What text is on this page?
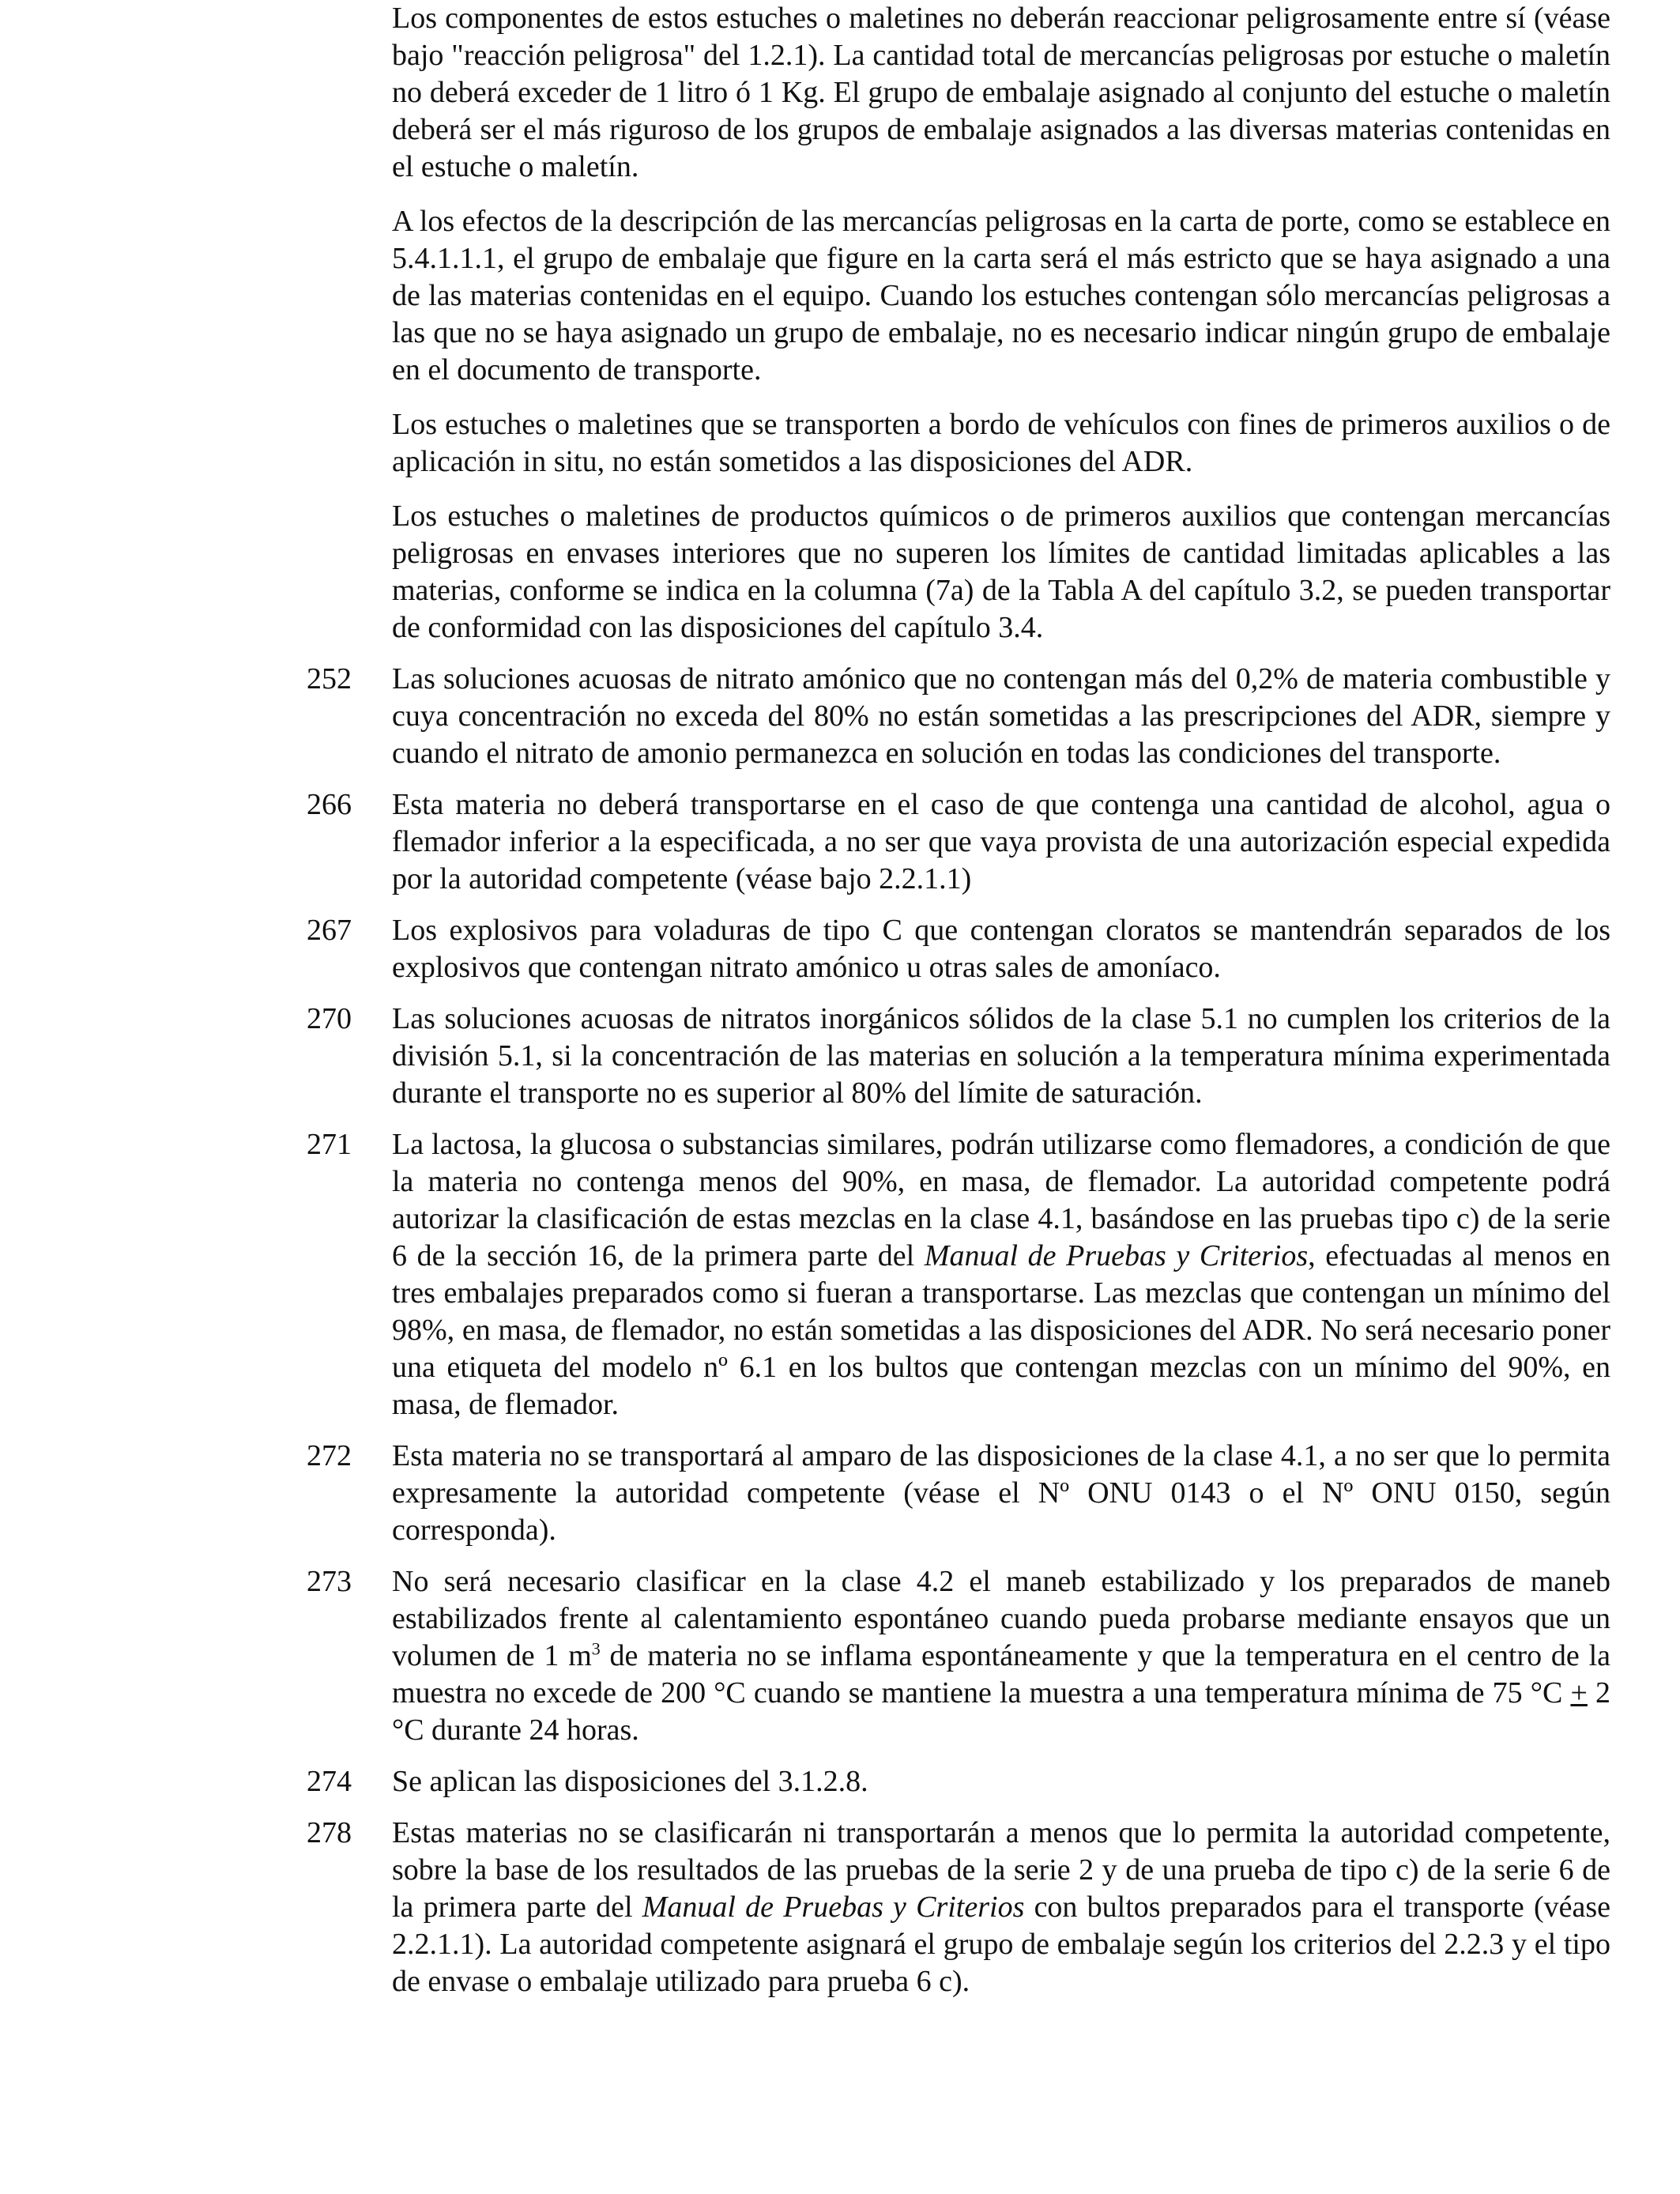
Los componentes de estos estuches o maletines no deberán reaccionar peligrosamente entre sí (véase bajo "reacción peligrosa" del 1.2.1). La cantidad total de mercancías peligrosas por estuche o maletín no deberá exceder de 1 litro ó 1 Kg. El grupo de embalaje asignado al conjunto del estuche o maletín deberá ser el más riguroso de los grupos de embalaje asignados a las diversas materias contenidas en el estuche o maletín.

A los efectos de la descripción de las mercancías peligrosas en la carta de porte, como se establece en 5.4.1.1.1, el grupo de embalaje que figure en la carta será el más estricto que se haya asignado a una de las materias contenidas en el equipo. Cuando los estuches contengan sólo mercancías peligrosas a las que no se haya asignado un grupo de embalaje, no es necesario indicar ningún grupo de embalaje en el documento de transporte.

Los estuches o maletines que se transporten a bordo de vehículos con fines de primeros auxilios o de aplicación in situ, no están sometidos a las disposiciones del ADR.

Los estuches o maletines de productos químicos o de primeros auxilios que contengan mercancías peligrosas en envases interiores que no superen los límites de cantidad limitadas aplicables a las materias, conforme se indica en la columna (7a) de la Tabla A del capítulo 3.2, se pueden transportar de conformidad con las disposiciones del capítulo 3.4.

252	Las soluciones acuosas de nitrato amónico que no contengan más del 0,2% de materia combustible y cuya concentración no exceda del 80% no están sometidas a las prescripciones del ADR, siempre y cuando el nitrato de amonio permanezca en solución en todas las condiciones del transporte.
266	Esta materia no deberá transportarse en el caso de que contenga una cantidad de alcohol, agua o flemador inferior a la especificada, a no ser que vaya provista de una autorización especial expedida por la autoridad competente (véase bajo 2.2.1.1)
267	Los explosivos para voladuras de tipo C que contengan cloratos se mantendrán separados de los explosivos que contengan nitrato amónico u otras sales de amoníaco.
270	Las soluciones acuosas de nitratos inorgánicos sólidos de la clase 5.1 no cumplen los criterios de la división 5.1, si la concentración de las materias en solución a la temperatura mínima experimentada durante el transporte no es superior al 80% del límite de saturación.
271	La lactosa, la glucosa o substancias similares, podrán utilizarse como flemadores, a condición de que la materia no contenga menos del 90%, en masa, de flemador. La autoridad competente podrá autorizar la clasificación de estas mezclas en la clase 4.1, basándose en las pruebas tipo c) de la serie 6 de la sección 16, de la primera parte del Manual de Pruebas y Criterios, efectuadas al menos en tres embalajes preparados como si fueran a transportarse. Las mezclas que contengan un mínimo del 98%, en masa, de flemador, no están sometidas a las disposiciones del ADR. No será necesario poner una etiqueta del modelo nº 6.1 en los bultos que contengan mezclas con un mínimo del 90%, en masa, de flemador.
272	Esta materia no se transportará al amparo de las disposiciones de la clase 4.1, a no ser que lo permita expresamente la autoridad competente (véase el Nº ONU 0143 o el Nº ONU 0150, según corresponda).
273	No será necesario clasificar en la clase 4.2 el maneb estabilizado y los preparados de maneb estabilizados frente al calentamiento espontáneo cuando pueda probarse mediante ensayos que un volumen de 1 $m^3$ de materia no se inflama espontáneamente y que la temperatura en el centro de la muestra no excede de 200 °C cuando se mantiene la muestra a una temperatura mínima de 75 °C + 2 °C durante 24 horas.
274	Se aplican las disposiciones del 3.1.2.8.
278	Estas materias no se clasificarán ni transportarán a menos que lo permita la autoridad competente, sobre la base de los resultados de las pruebas de la serie 2 y de una prueba de tipo c) de la serie 6 de la primera parte del Manual de Pruebas y Criterios con bultos preparados para el transporte (véase 2.2.1.1). La autoridad competente asignará el grupo de embalaje según los criterios del 2.2.3 y el tipo de envase o embalaje utilizado para prueba 6 c).
